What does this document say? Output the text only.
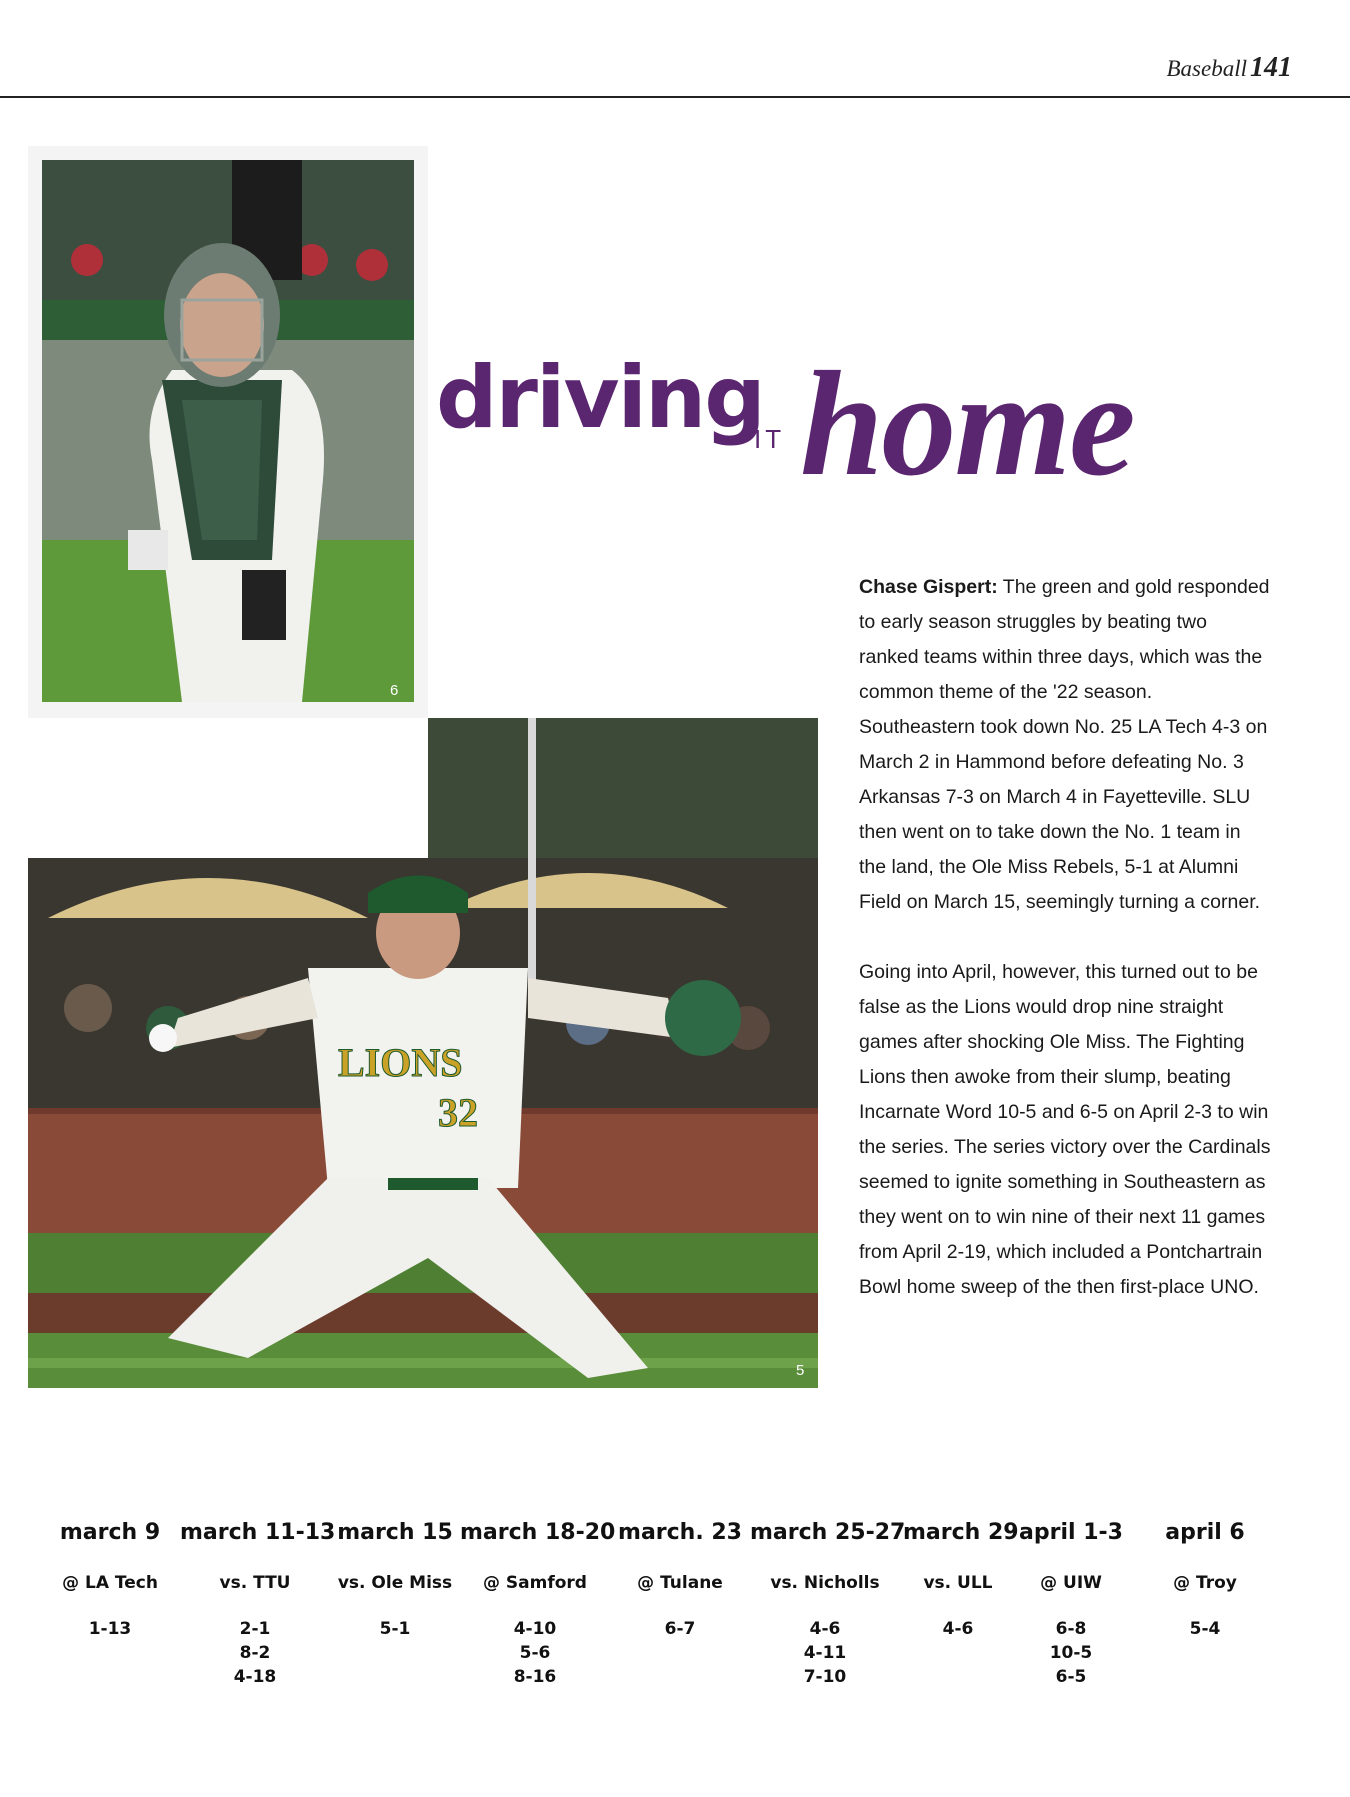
Baseball 141
6
LIONS
32
5
driving
IT home

Chase Gispert: The green and gold responded to early season struggles by beating two ranked teams within three days, which was the common theme of the '22 season. Southeastern took down No. 25 LA Tech 4-3 on March 2 in Hammond before defeating No. 3 Arkansas 7-3 on March 4 in Fayetteville. SLU then went on to take down the No. 1 team in the land, the Ole Miss Rebels, 5-1 at Alumni Field on March 15, seemingly turning a corner.

Going into April, however, this turned out to be false as the Lions would drop nine straight games after shocking Ole Miss. The Fighting Lions then awoke from their slump, beating Incarnate Word 10-5 and 6-5 on April 2-3 to win the series. The series victory over the Cardinals seemed to ignite something in Southeastern as they went on to win nine of their next 11 games from April 2-19, which included a Pontchartrain Bowl home sweep of the then first-place UNO.

march 9
@ LA Tech
1-13
march 11-13
vs. TTU
2-1
8-2
4-18
march 15
vs. Ole Miss
5-1
march 18-20
@ Samford
4-10
5-6
8-16
march. 23
@ Tulane
6-7
march 25-27
vs. Nicholls
4-6
4-11
7-10
march 29
vs. ULL
4-6
april 1-3
@ UIW
6-8
10-5
6-5
april 6
@ Troy
5-4
